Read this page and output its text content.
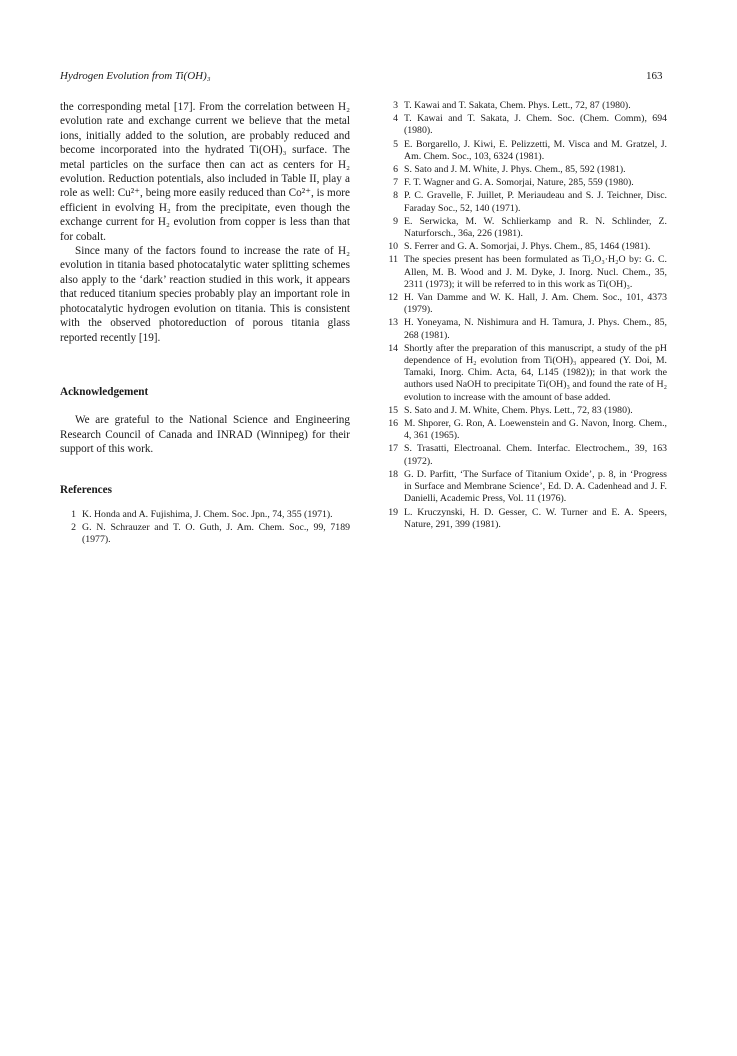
Hydrogen Evolution from Ti(OH)₃	163

the corresponding metal [17]. From the correlation between H₂ evolution rate and exchange current we believe that the metal ions, initially added to the solution, are probably reduced and become incorporated into the hydrated Ti(OH)₃ surface. The metal particles on the surface then can act as centers for H₂ evolution. Reduction potentials, also included in Table II, play a role as well: Cu²⁺, being more easily reduced than Co²⁺, is more efficient in evolving H₂ from the precipitate, even though the exchange current for H₂ evolution from copper is less than that for cobalt.

Since many of the factors found to increase the rate of H₂ evolution in titania based photocatalytic water splitting schemes also apply to the ‘dark’ reaction studied in this work, it appears that reduced titanium species probably play an important role in photocatalytic hydrogen evolution on titania. This is consistent with the observed photoreduction of porous titania glass reported recently [19].

Acknowledgement

We are grateful to the National Science and Engineering Research Council of Canada and INRAD (Winnipeg) for their support of this work.

References

1 K. Honda and A. Fujishima, J. Chem. Soc. Jpn., 74, 355 (1971).
2 G. N. Schrauzer and T. O. Guth, J. Am. Chem. Soc., 99, 7189 (1977).
3 T. Kawai and T. Sakata, Chem. Phys. Lett., 72, 87 (1980).
4 T. Kawai and T. Sakata, J. Chem. Soc. (Chem. Comm), 694 (1980).
5 E. Borgarello, J. Kiwi, E. Pelizzetti, M. Visca and M. Gratzel, J. Am. Chem. Soc., 103, 6324 (1981).
6 S. Sato and J. M. White, J. Phys. Chem., 85, 592 (1981).
7 F. T. Wagner and G. A. Somorjai, Nature, 285, 559 (1980).
8 P. C. Gravelle, F. Juillet, P. Meriaudeau and S. J. Teichner, Disc. Faraday Soc., 52, 140 (1971).
9 E. Serwicka, M. W. Schlierkamp and R. N. Schlinder, Z. Naturforsch., 36a, 226 (1981).
10 S. Ferrer and G. A. Somorjai, J. Phys. Chem., 85, 1464 (1981).
11 The species present has been formulated as Ti₂O₃·H₂O by: G. C. Allen, M. B. Wood and J. M. Dyke, J. Inorg. Nucl. Chem., 35, 2311 (1973); it will be referred to in this work as Ti(OH)₃.
12 H. Van Damme and W. K. Hall, J. Am. Chem. Soc., 101, 4373 (1979).
13 H. Yoneyama, N. Nishimura and H. Tamura, J. Phys. Chem., 85, 268 (1981).
14 Shortly after the preparation of this manuscript, a study of the pH dependence of H₂ evolution from Ti(OH)₃ appeared (Y. Doi, M. Tamaki, Inorg. Chim. Acta, 64, L145 (1982)); in that work the authors used NaOH to precipitate Ti(OH)₃ and found the rate of H₂ evolution to increase with the amount of base added.
15 S. Sato and J. M. White, Chem. Phys. Lett., 72, 83 (1980).
16 M. Shporer, G. Ron, A. Loewenstein and G. Navon, Inorg. Chem., 4, 361 (1965).
17 S. Trasatti, Electroanal. Chem. Interfac. Electrochem., 39, 163 (1972).
18 G. D. Parfitt, ‘The Surface of Titanium Oxide’, p. 8, in ‘Progress in Surface and Membrane Science’, Ed. D. A. Cadenhead and J. F. Danielli, Academic Press, Vol. 11 (1976).
19 L. Kruczynski, H. D. Gesser, C. W. Turner and E. A. Speers, Nature, 291, 399 (1981).
